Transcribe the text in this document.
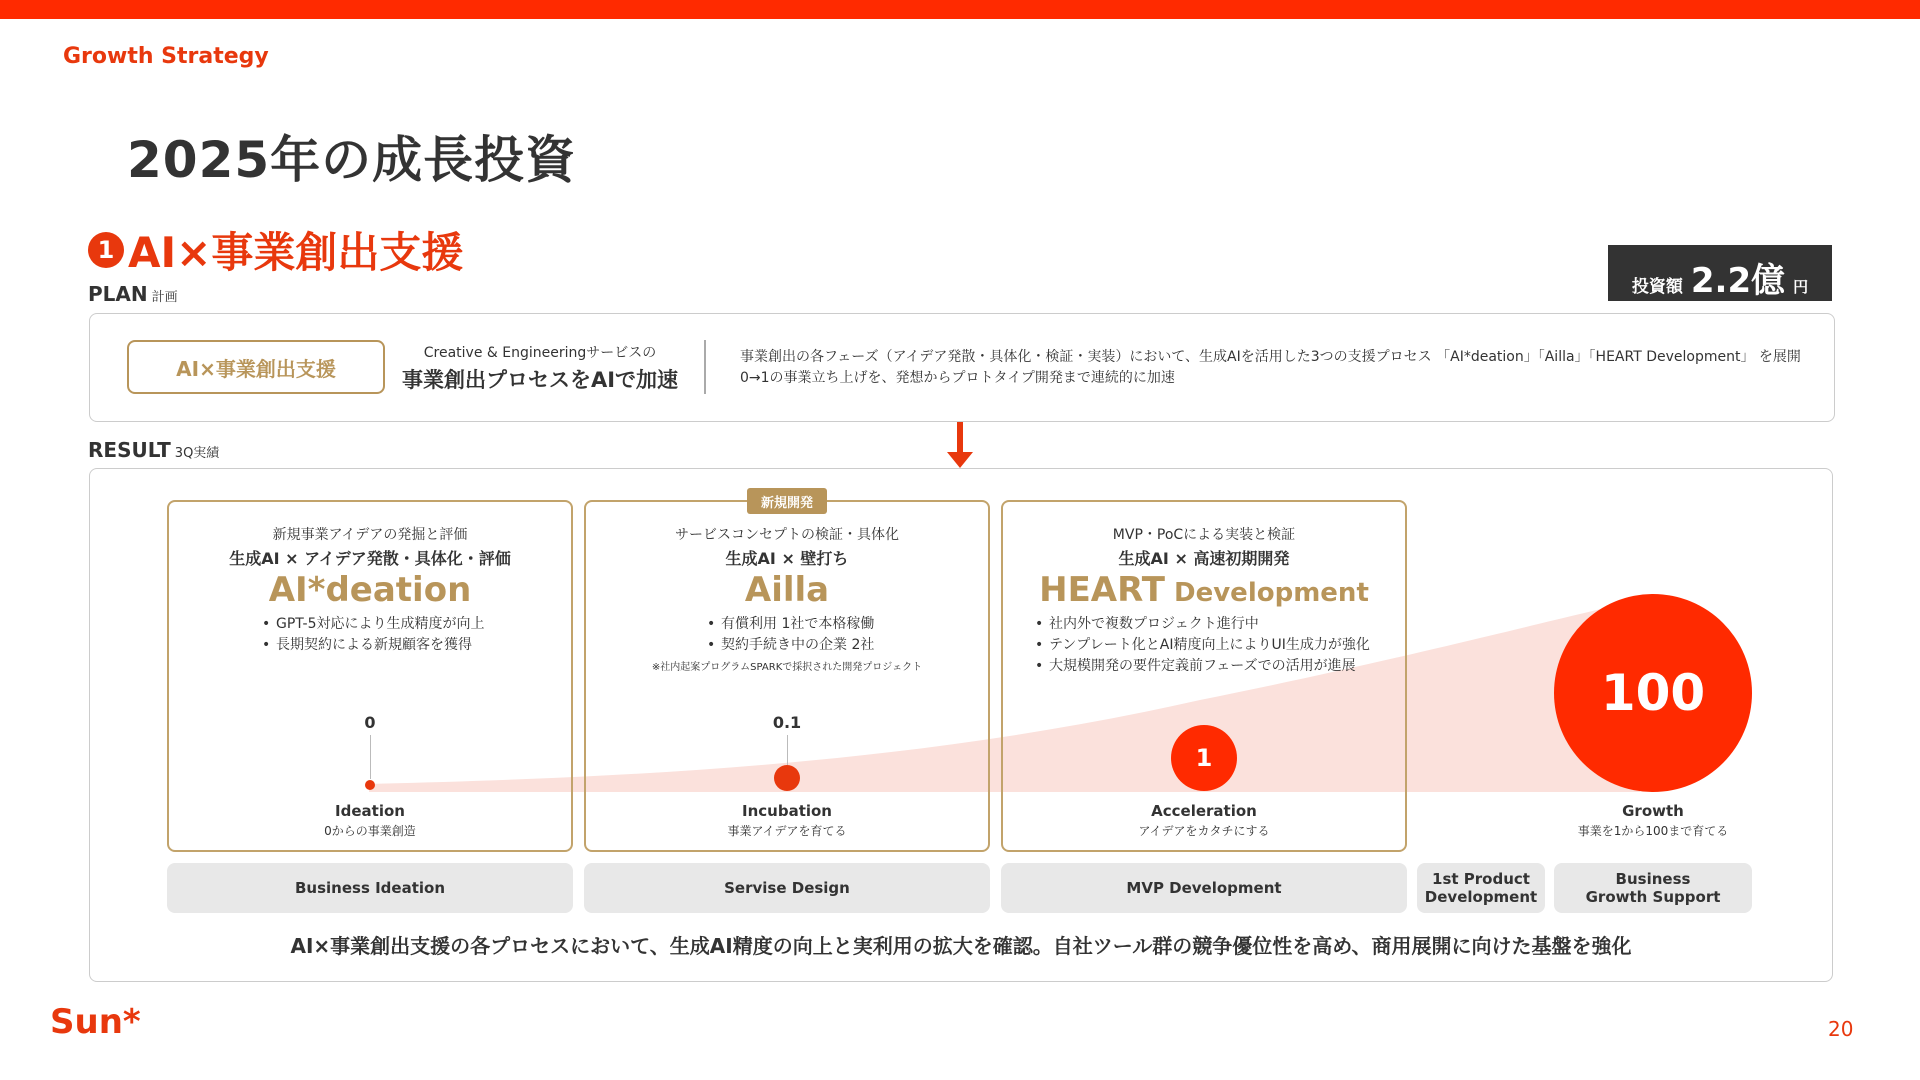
Growth Strategy
2025年の成長投資
1 AI×事業創出支援
投資額 2.2億 円
PLAN 計画
AI×事業創出支援
Creative & Engineeringサービスの
事業創出プロセスをAIで加速
事業創出の各フェーズ（アイデア発散・具体化・検証・実装）において、生成AIを活用した3つの支援プロセス 「AI*deation」「Ailla」「HEART Development」 を展開
0→1の事業立ち上げを、発想からプロトタイプ開発まで連続的に加速
RESULT 3Q実績
新規事業アイデアの発掘と評価
生成AI × アイデア発散・具体化・評価
AI*deation
• GPT-5対応により生成精度が向上
• 長期契約による新規顧客を獲得
新規開発
サービスコンセプトの検証・具体化
生成AI × 壁打ち
Ailla
• 有償利用 1社で本格稼働
• 契約手続き中の企業 2社
※社内起案プログラムSPARKで採択された開発プロジェクト
MVP・PoCによる実装と検証
生成AI × 高速初期開発
HEART Development
• 社内外で複数プロジェクト進行中
• テンプレート化とAI精度向上によりUI生成力が強化
• 大規模開発の要件定義前フェーズでの活用が進展
0	0.1
1
100
Ideation
0からの事業創造
Incubation
事業アイデアを育てる
Acceleration
アイデアをカタチにする
Growth
事業を1から100まで育てる
Business Ideation	Servise Design	MVP Development	1st Product Development
Business Growth Support
AI×事業創出支援の各プロセスにおいて、生成AI精度の向上と実利用の拡大を確認。自社ツール群の競争優位性を高め、商用展開に向けた基盤を強化
Sun*	20
